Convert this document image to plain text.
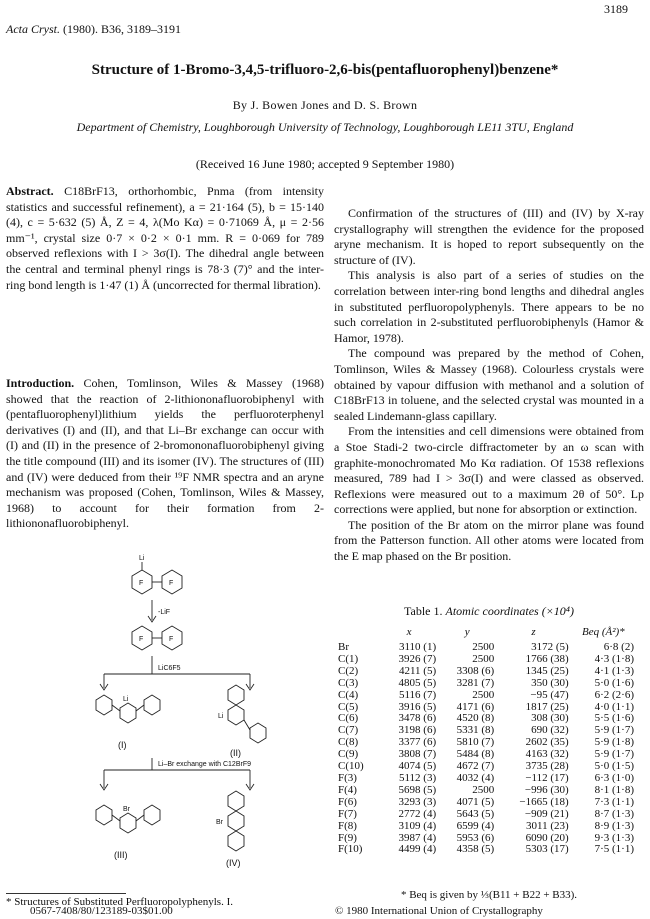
3189
Acta Cryst. (1980). B36, 3189–3191
Structure of 1-Bromo-3,4,5-trifluoro-2,6-bis(pentafluorophenyl)benzene*
By J. Bowen Jones and D. S. Brown
Department of Chemistry, Loughborough University of Technology, Loughborough LE11 3TU, England
(Received 16 June 1980; accepted 9 September 1980)

Abstract. C18BrF13, orthorhombic, Pnma (from intensity statistics and successful refinement), a = 21·164 (5), b = 15·140 (4), c = 5·632 (5) Å, Z = 4, λ(Mo Kα) = 0·71069 Å, μ = 2·56 mm⁻¹, crystal size 0·7 × 0·2 × 0·1 mm. R = 0·069 for 789 observed reflexions with I > 3σ(I). The dihedral angle between the central and terminal phenyl rings is 78·3 (7)° and the inter-ring bond length is 1·47 (1) Å (uncorrected for thermal libration).

Introduction. Cohen, Tomlinson, Wiles & Massey (1968) showed that the reaction of 2-lithiononafluorobiphenyl with (pentafluorophenyl)lithium yields the perfluoroterphenyl derivatives (I) and (II), and that Li–Br exchange can occur with (I) and (II) in the presence of 2-bromononafluorobiphenyl giving the title compound (III) and its isomer (IV). The structures of (III) and (IV) were deduced from their ¹⁹F NMR spectra and an aryne mechanism was proposed (Cohen, Tomlinson, Wiles & Massey, 1968) to account for their formation from 2-lithiononafluorobiphenyl.

Li
F	F
-LiF
F	F
LiC6F5
Li
Li
(I)
(II)
Li–Br exchange with C12BrF9
Br
Br
(III)
(IV)
* Structures of Substituted Perfluoropolyphenyls. I.

Confirmation of the structures of (III) and (IV) by X-ray crystallography will strengthen the evidence for the proposed aryne mechanism. It is hoped to report subsequently on the structure of (IV).

This analysis is also part of a series of studies on the correlation between inter-ring bond lengths and dihedral angles in substituted perfluoropolyphenyls. There appears to be no such correlation in 2-substituted perfluorobiphenyls (Hamor & Hamor, 1978).

The compound was prepared by the method of Cohen, Tomlinson, Wiles & Massey (1968). Colourless crystals were obtained by vapour diffusion with methanol and a solution of C18BrF13 in toluene, and the selected crystal was mounted in a sealed Lindemann-glass capillary.

From the intensities and cell dimensions were obtained from a Stoe Stadi-2 two-circle diffractometer by an ω scan with graphite-monochromated Mo Kα radiation. Of 1538 reflexions measured, 789 had I > 3σ(I) and were classed as observed. Reflexions were measured out to a maximum 2θ of 50°. Lp corrections were applied, but none for absorption or extinction.

The position of the Br atom on the mirror plane was found from the Patterson function. All other atoms were located from the E map phased on the Br position.

Table 1. Atomic coordinates (×10⁴)
	x	y	z	Beq (Å²)*
Br	3110 (1)	2500	3172 (5)	6·8 (2)
C(1)	3926 (7)	2500	1766 (38)	4·3 (1·8)
C(2)	4211 (5)	3308 (6)	1345 (25)	4·1 (1·3)
C(3)	4805 (5)	3281 (7)	350 (30)	5·0 (1·6)
C(4)	5116 (7)	2500	−95 (47)	6·2 (2·6)
C(5)	3916 (5)	4171 (6)	1817 (25)	4·0 (1·1)
C(6)	3478 (6)	4520 (8)	308 (30)	5·5 (1·6)
C(7)	3198 (6)	5331 (8)	690 (32)	5·9 (1·7)
C(8)	3377 (6)	5810 (7)	2602 (35)	5·9 (1·8)
C(9)	3808 (7)	5484 (8)	4163 (32)	5·9 (1·7)
C(10)	4074 (5)	4672 (7)	3735 (28)	5·0 (1·5)
F(3)	5112 (3)	4032 (4)	−112 (17)	6·3 (1·0)
F(4)	5698 (5)	2500	−996 (30)	8·1 (1·8)
F(6)	3293 (3)	4071 (5)	−1665 (18)	7·3 (1·1)
F(7)	2772 (4)	5643 (5)	−909 (21)	8·7 (1·3)
F(8)	3109 (4)	6599 (4)	3011 (23)	8·9 (1·3)
F(9)	3987 (4)	5953 (6)	6090 (20)	9·3 (1·3)
F(10)	4499 (4)	4358 (5)	5303 (17)	7·5 (1·1)
* Beq is given by ⅓(B11 + B22 + B33).
0567-7408/80/123189-03$01.00	© 1980 International Union of Crystallography
